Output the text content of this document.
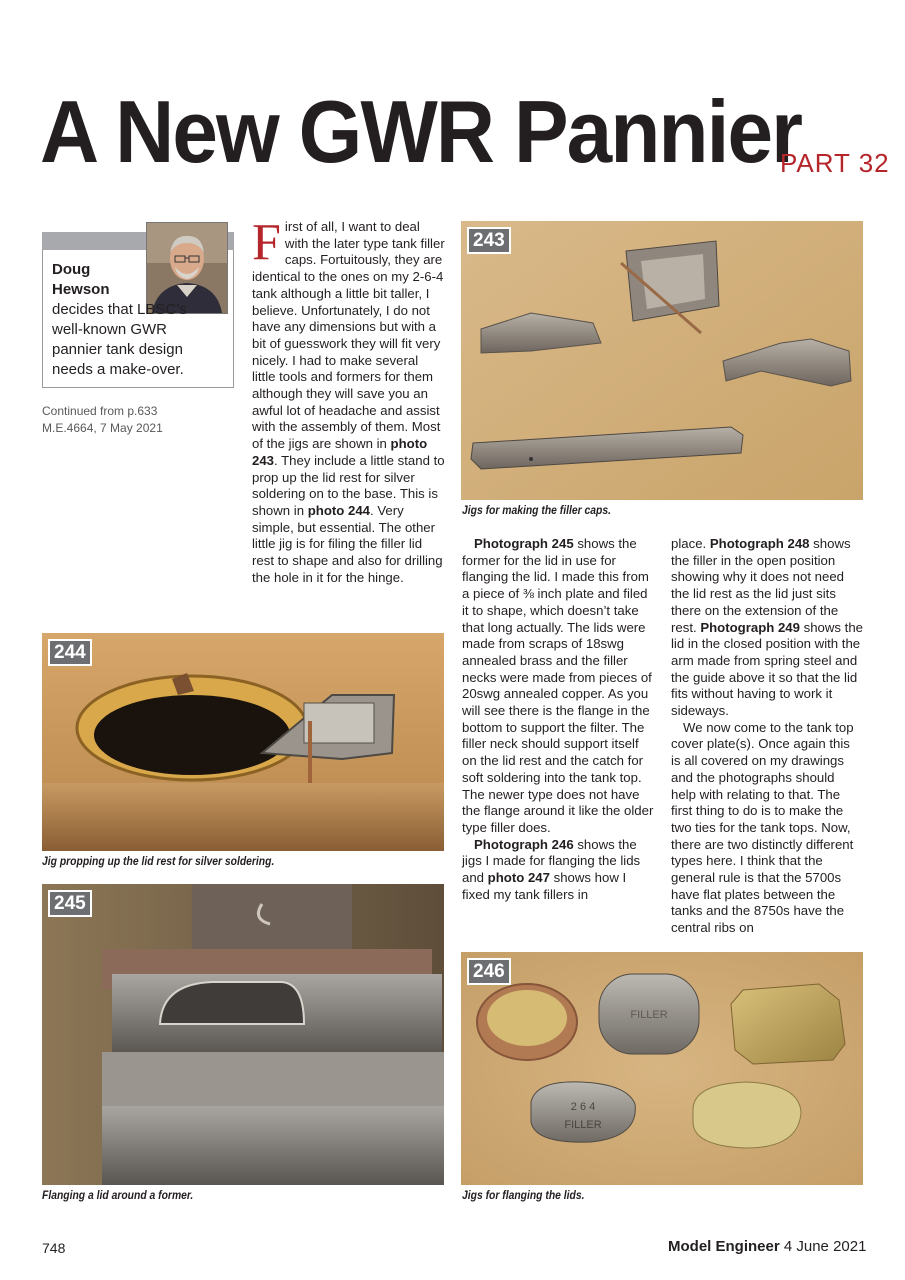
A New GWR Pannier
PART 32
Doug
Hewson
decides that LBSC’s well-known GWR pannier tank design needs a make-over.
Continued from p.633
M.E.4664, 7 May 2021

First of all, I want to deal with the later type tank filler caps. Fortuitously, they are identical to the ones on my 2-6-4 tank although a little bit taller, I believe. Unfortunately, I do not have any dimensions but with a bit of guesswork they will fit very nicely. I had to make several little tools and formers for them although they will save you an awful lot of headache and assist with the assembly of them. Most of the jigs are shown in photo 243. They include a little stand to prop up the lid rest for silver soldering on to the base. This is shown in photo 244. Very simple, but essential. The other little jig is for filing the filler lid rest to shape and also for drilling the hole in it for the hinge.

243
Jigs for making the filler caps.

Photograph 245 shows the former for the lid in use for flanging the lid. I made this from a piece of ⅜ inch plate and filed it to shape, which doesn’t take that long actually. The lids were made from scraps of 18swg annealed brass and the filler necks were made from pieces of 20swg annealed copper. As you will see there is the flange in the bottom to support the filter. The filler neck should support itself on the lid rest and the catch for soft soldering into the tank top. The newer type does not have the flange around it like the older type filler does.

Photograph 246 shows the jigs I made for flanging the lids and photo 247 shows how I fixed my tank fillers in

place. Photograph 248 shows the filler in the open position showing why it does not need the lid rest as the lid just sits there on the extension of the rest. Photograph 249 shows the lid in the closed position with the arm made from spring steel and the guide above it so that the lid fits without having to work it sideways.

We now come to the tank top cover plate(s). Once again this is all covered on my drawings and the photographs should help with relating to that. The first thing to do is to make the two ties for the tank tops. Now, there are two distinctly different types here. I think that the general rule is that the 5700s have flat plates between the tanks and the 8750s have the central ribs on

244
Jig propping up the lid rest for silver soldering.
245
Flanging a lid around a former.
FILLER
2 6 4
FILLER
246
Jigs for flanging the lids.
748	Model Engineer 4 June 2021
